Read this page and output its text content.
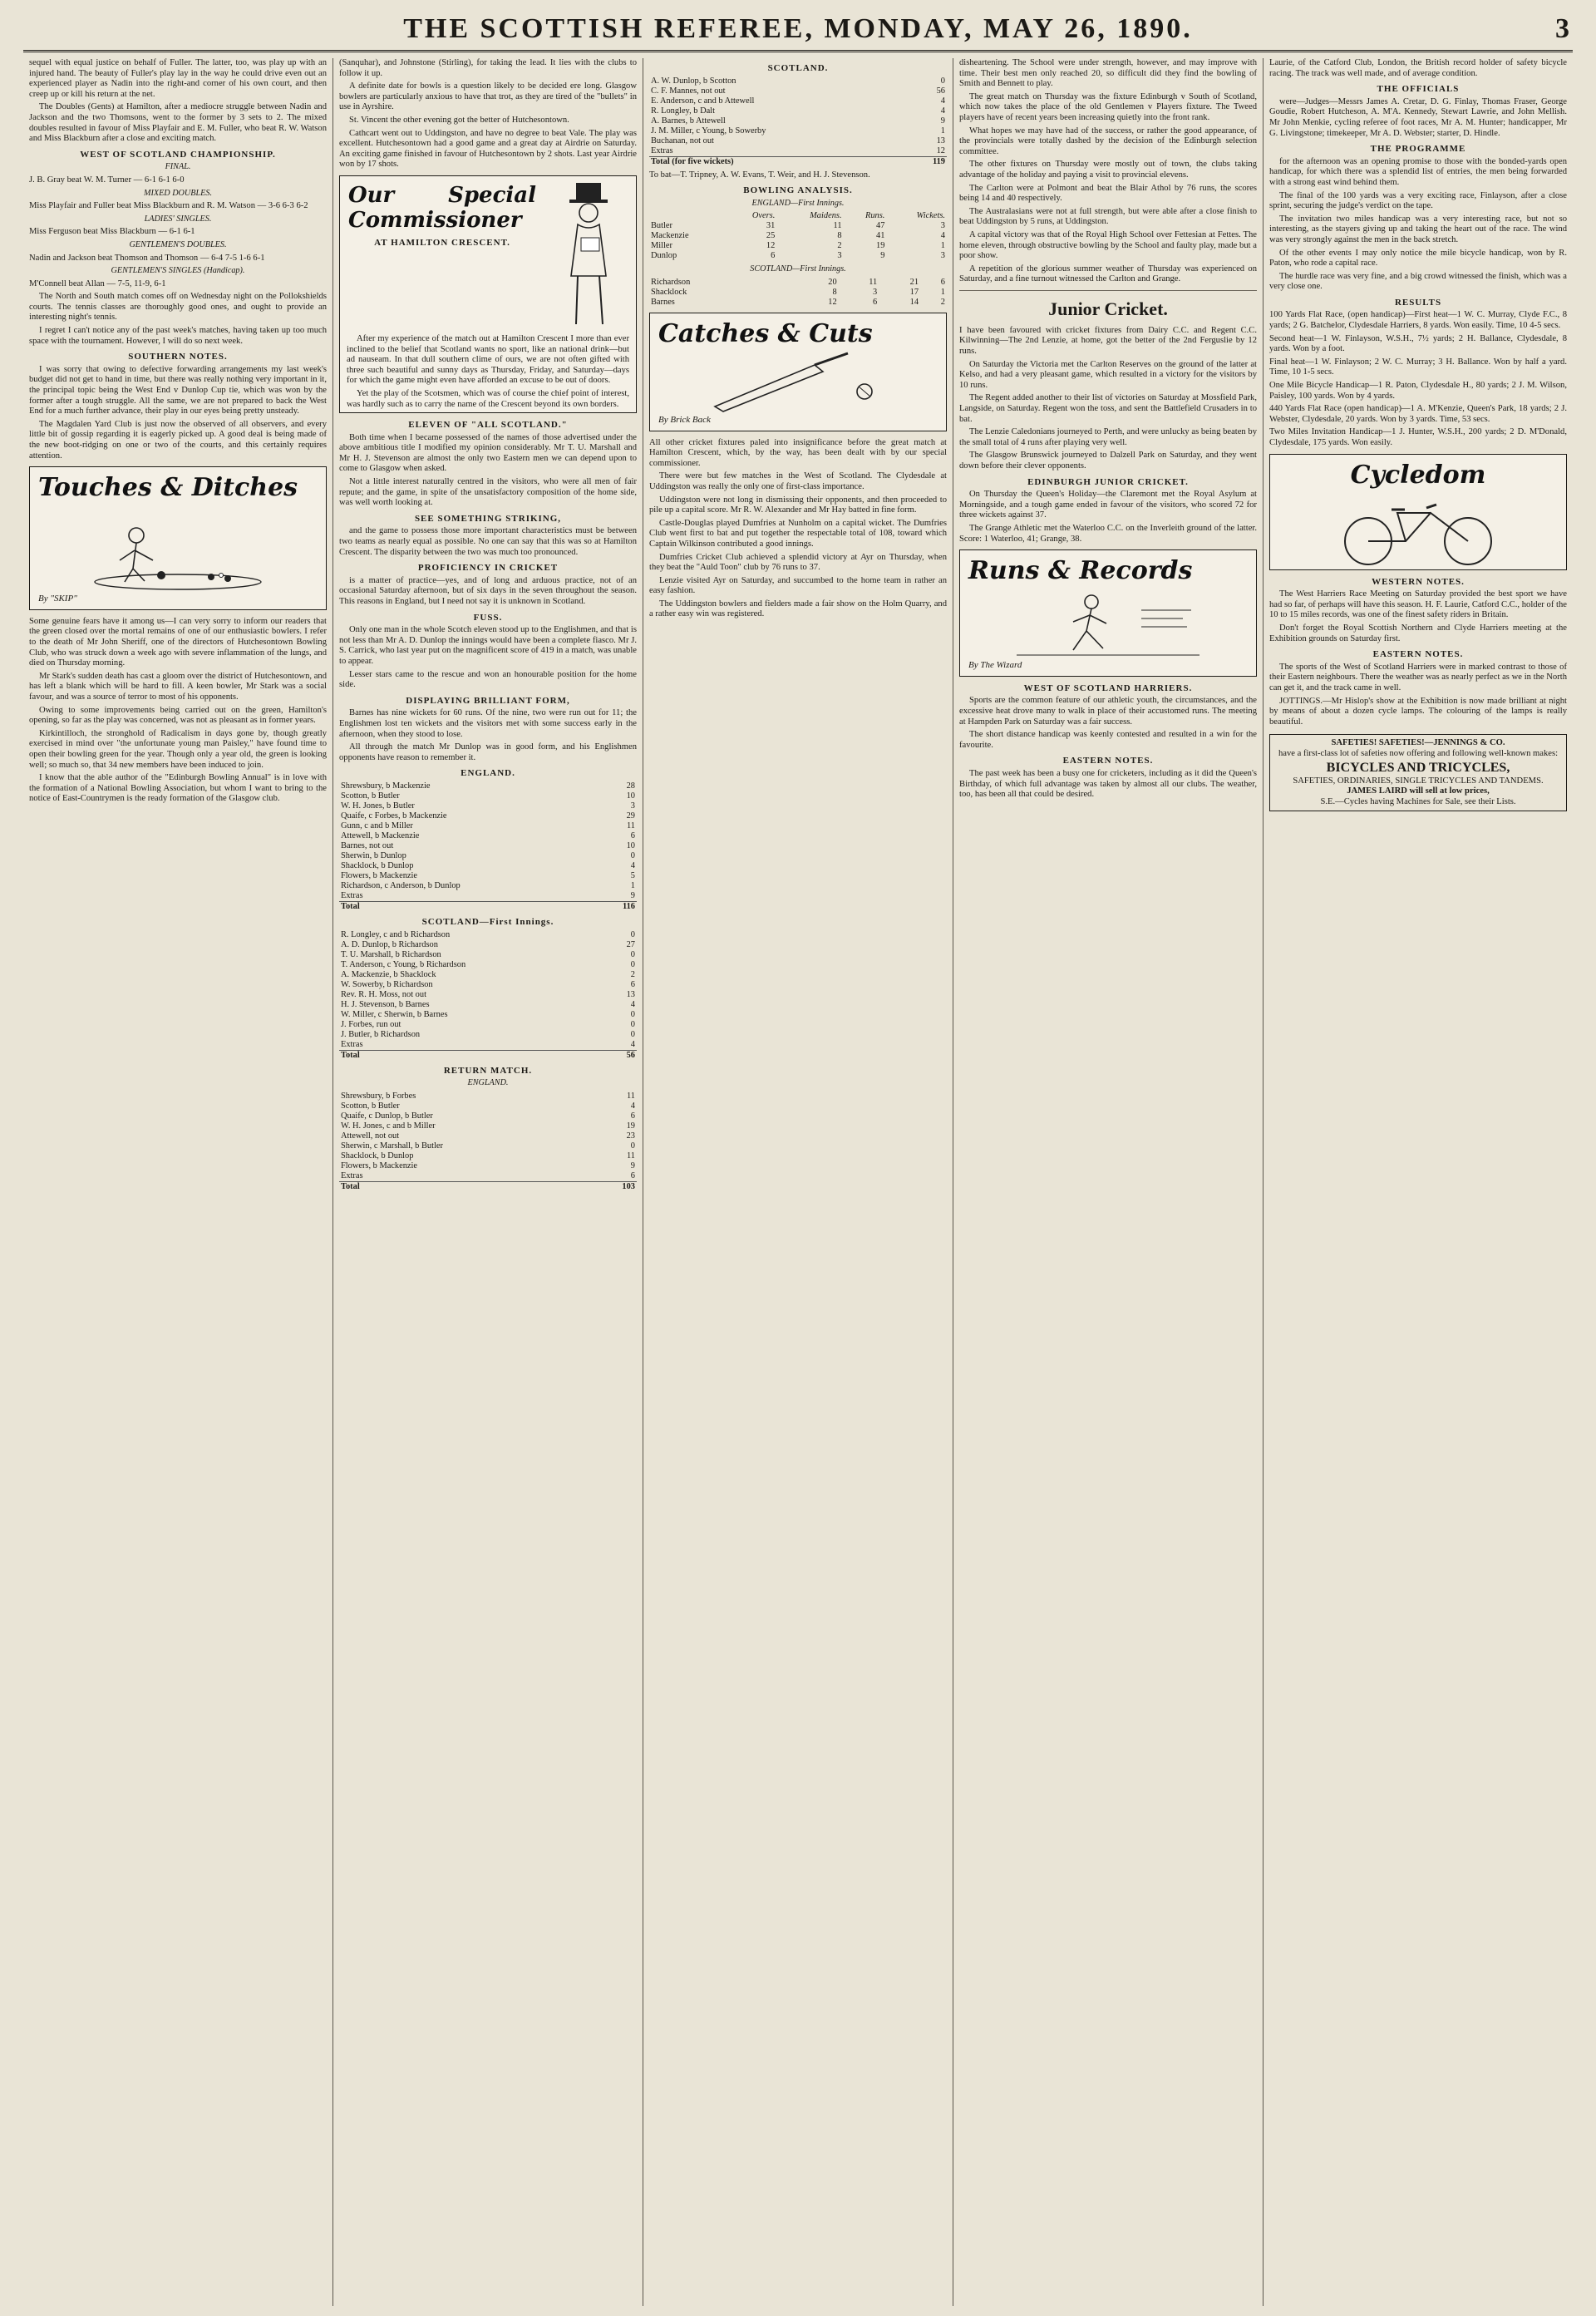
THE SCOTTISH REFEREE, MONDAY, MAY 26, 1890.	3

sequel with equal justice on behalf of Fuller. The latter, too, was play up with an injured hand. The beauty of Fuller's play lay in the way he could drive even out an experienced player as Nadin into the right-and corner of his own court, and then creep up or kill his return at the net.

The Doubles (Gents) at Hamilton, after a mediocre struggle between Nadin and Jackson and the two Thomsons, went to the former by 3 sets to 2. The mixed doubles resulted in favour of Miss Playfair and E. M. Fuller, who beat R. W. Watson and Miss Blackburn after a close and exciting match.

WEST OF SCOTLAND CHAMPIONSHIP.
FINAL.

J. B. Gray beat W. M. Turner — 6-1 6-1 6-0

MIXED DOUBLES.

Miss Playfair and Fuller beat Miss Blackburn and R. M. Watson — 3-6 6-3 6-2

LADIES' SINGLES.

Miss Ferguson beat Miss Blackburn — 6-1 6-1

GENTLEMEN'S DOUBLES.

Nadin and Jackson beat Thomson and Thomson — 6-4 7-5 1-6 6-1

GENTLEMEN'S SINGLES (Handicap).

M'Connell beat Allan — 7-5, 11-9, 6-1

The North and South match comes off on Wednesday night on the Pollokshields courts. The tennis classes are thoroughly good ones, and ought to provide an interesting night's tennis.

I regret I can't notice any of the past week's matches, having taken up too much space with the tournament. However, I will do so next week.

SOUTHERN NOTES.

I was sorry that owing to defective forwarding arrangements my last week's budget did not get to hand in time, but there was really nothing very important in it, the principal topic being the West End v Dunlop Cup tie, which was won by the former after a tough struggle. All the same, we are not prepared to back the West End for a much further advance, their play in our eyes being pretty unsteady.

The Magdalen Yard Club is just now the observed of all observers, and every little bit of gossip regarding it is eagerly picked up. A good deal is being made of the new boot-ridging on one or two of the courts, and this certainly requires attention.

Touches & Ditches
By "SKIP"

Some genuine fears have it among us—I can very sorry to inform our readers that the green closed over the mortal remains of one of our enthusiastic bowlers. I refer to the death of Mr John Sheriff, one of the directors of Hutchesontown Bowling Club, who was struck down a week ago with severe inflammation of the lungs, and died on Thursday morning.

Mr Stark's sudden death has cast a gloom over the district of Hutchesontown, and has left a blank which will be hard to fill. A keen bowler, Mr Stark was a social favour, and was a source of terror to most of his opponents.

Owing to some improvements being carried out on the green, Hamilton's opening, so far as the play was concerned, was not as pleasant as in former years.

Kirkintilloch, the stronghold of Radicalism in days gone by, though greatly exercised in mind over "the unfortunate young man Paisley," have found time to open their bowling green for the year. Though only a year old, the green is looking well; so much so, that 34 new members have been induced to join.

I know that the able author of the "Edinburgh Bowling Annual" is in love with the formation of a National Bowling Association, but whom I want to bring to the notice of East-Countrymen is the ready formation of the Glasgow club.

(Sanquhar), and Johnstone (Stirling), for taking the lead. It lies with the clubs to follow it up.

A definite date for bowls is a question likely to be decided ere long. Glasgow bowlers are particularly anxious to have that trot, as they are tired of the "bullets" in use in Ayrshire.

St. Vincent the other evening got the better of Hutchesontown.

Cathcart went out to Uddingston, and have no degree to beat Vale. The play was excellent. Hutchesontown had a good game and a great day at Airdrie on Saturday. An exciting game finished in favour of Hutchesontown by 2 shots. Last year Airdrie won by 17 shots.

Our Special Commissioner
AT HAMILTON CRESCENT.

After my experience of the match out at Hamilton Crescent I more than ever inclined to the belief that Scotland wants no sport, like an national drink—but ad nauseam. In that dull southern clime of ours, we are not often gifted with three such beautiful and sunny days as Thursday, Friday, and Saturday—days for which the game might even have afforded an excuse to be out of doors.

Yet the play of the Scotsmen, which was of course the chief point of interest, was hardly such as to carry the name of the Crescent beyond its own borders.

ELEVEN OF "ALL SCOTLAND."

Both time when I became possessed of the names of those advertised under the above ambitious title I modified my opinion considerably. Mr T. U. Marshall and Mr H. J. Stevenson are almost the only two Eastern men we can depend upon to come to Glasgow when asked.

Not a little interest naturally centred in the visitors, who were all men of fair repute; and the game, in spite of the unsatisfactory composition of the home side, was well worth looking at.

SEE SOMETHING STRIKING,

and the game to possess those more important characteristics must be between two teams as nearly equal as possible. No one can say that this was so at Hamilton Crescent. The disparity between the two was much too pronounced.

PROFICIENCY IN CRICKET

is a matter of practice—yes, and of long and arduous practice, not of an occasional Saturday afternoon, but of six days in the seven throughout the season. This reasons in England, but I need not say it is unknown in Scotland.

FUSS.

Only one man in the whole Scotch eleven stood up to the Englishmen, and that is not less than Mr A. D. Dunlop the innings would have been a complete fiasco. Mr J. S. Carrick, who last year put on the magnificent score of 419 in a match, was unable to appear.

Lesser stars came to the rescue and won an honourable position for the home side.

DISPLAYING BRILLIANT FORM,

Barnes has nine wickets for 60 runs. Of the nine, two were run out for 11; the Englishmen lost ten wickets and the visitors met with some success early in the afternoon, when they stood to lose.

All through the match Mr Dunlop was in good form, and his Englishmen opponents have reason to remember it.

ENGLAND.
Shrewsbury, b Mackenzie	28
Scotton, b Butler	10
W. H. Jones, b Butler	3
Quaife, c Forbes, b Mackenzie	29
Gunn, c and b Miller	11
Attewell, b Mackenzie	6
Barnes, not out	10
Sherwin, b Dunlop	0
Shacklock, b Dunlop	4
Flowers, b Mackenzie	5
Richardson, c Anderson, b Dunlop	1
Extras	9
Total	116
SCOTLAND—First Innings.
R. Longley, c and b Richardson	0
A. D. Dunlop, b Richardson	27
T. U. Marshall, b Richardson	0
T. Anderson, c Young, b Richardson	0
A. Mackenzie, b Shacklock	2
W. Sowerby, b Richardson	6
Rev. R. H. Moss, not out	13
H. J. Stevenson, b Barnes	4
W. Miller, c Sherwin, b Barnes	0
J. Forbes, run out	0
J. Butler, b Richardson	0
Extras	4
Total	56
RETURN MATCH.
ENGLAND.
Shrewsbury, b Forbes	11
Scotton, b Butler	4
Quaife, c Dunlop, b Butler	6
W. H. Jones, c and b Miller	19
Attewell, not out	23
Sherwin, c Marshall, b Butler	0
Shacklock, b Dunlop	11
Flowers, b Mackenzie	9
Extras	6
Total	103
SCOTLAND.
A. W. Dunlop, b Scotton	0
C. F. Mannes, not out	56
E. Anderson, c and b Attewell	4
R. Longley, b Dalt	4
A. Barnes, b Attewell	9
J. M. Miller, c Young, b Sowerby	1
Buchanan, not out	13
Extras	12
Total (for five wickets)	119

To bat—T. Tripney, A. W. Evans, T. Weir, and H. J. Stevenson.

BOWLING ANALYSIS.
ENGLAND—First Innings.
	Overs.	Maidens.	Runs.	Wickets.
Butler	31	11	47	3
Mackenzie	25	8	41	4
Miller	12	2	19	1
Dunlop	6	3	9	3
SCOTLAND—First Innings.
Richardson	20	11	21	6
Shacklock	8	3	17	1
Barnes	12	6	14	2
Catches & Cuts
By Brick Back

All other cricket fixtures paled into insignificance before the great match at Hamilton Crescent, which, by the way, has been dealt with by our special commissioner.

There were but few matches in the West of Scotland. The Clydesdale at Uddingston was really the only one of first-class importance.

Uddingston were not long in dismissing their opponents, and then proceeded to pile up a capital score. Mr R. W. Alexander and Mr Hay batted in fine form.

Castle-Douglas played Dumfries at Nunholm on a capital wicket. The Dumfries Club went first to bat and put together the respectable total of 108, toward which Captain Wilkinson contributed a good innings.

Dumfries Cricket Club achieved a splendid victory at Ayr on Thursday, when they beat the "Auld Toon" club by 76 runs to 37.

Lenzie visited Ayr on Saturday, and succumbed to the home team in rather an easy fashion.

The Uddingston bowlers and fielders made a fair show on the Holm Quarry, and a rather easy win was registered.

disheartening. The School were under strength, however, and may improve with time. Their best men only reached 20, so difficult did they find the bowling of Smith and Bennett to play.

The great match on Thursday was the fixture Edinburgh v South of Scotland, which now takes the place of the old Gentlemen v Players fixture. The Tweed players have of recent years been increasing quietly into the front rank.

What hopes we may have had of the success, or rather the good appearance, of the provincials were totally dashed by the decision of the Edinburgh selection committee.

The other fixtures on Thursday were mostly out of town, the clubs taking advantage of the holiday and paying a visit to provincial elevens.

The Carlton were at Polmont and beat the Blair Athol by 76 runs, the scores being 14 and 40 respectively.

The Australasians were not at full strength, but were able after a close finish to beat Uddingston by 5 runs, at Uddingston.

A capital victory was that of the Royal High School over Fettesian at Fettes. The home eleven, through obstructive bowling by the School and faulty play, made but a poor show.

A repetition of the glorious summer weather of Thursday was experienced on Saturday, and a fine turnout witnessed the Carlton and Grange.

Junior Cricket.

I have been favoured with cricket fixtures from Dairy C.C. and Regent C.C. Kilwinning—The 2nd Lenzie, at home, got the better of the 2nd Ferguslie by 12 runs.

On Saturday the Victoria met the Carlton Reserves on the ground of the latter at Kelso, and had a very pleasant game, which resulted in a victory for the visitors by 10 runs.

The Regent added another to their list of victories on Saturday at Mossfield Park, Langside, on Saturday. Regent won the toss, and sent the Battlefield Crusaders in to bat.

The Lenzie Caledonians journeyed to Perth, and were unlucky as being beaten by the small total of 4 runs after playing very well.

The Glasgow Brunswick journeyed to Dalzell Park on Saturday, and they went down before their clever opponents.

EDINBURGH JUNIOR CRICKET.

On Thursday the Queen's Holiday—the Claremont met the Royal Asylum at Morningside, and a tough game ended in favour of the visitors, who scored 72 for three wickets against 37.

The Grange Athletic met the Waterloo C.C. on the Inverleith ground of the latter. Score: 1 Waterloo, 41; Grange, 38.

Runs & Records
By The Wizard
WEST OF SCOTLAND HARRIERS.

Sports are the common feature of our athletic youth, the circumstances, and the excessive heat drove many to walk in place of their accustomed runs. The meeting at Hampden Park on Saturday was a fair success.

The short distance handicap was keenly contested and resulted in a win for the favourite.

EASTERN NOTES.

The past week has been a busy one for cricketers, including as it did the Queen's Birthday, of which full advantage was taken by almost all our clubs. The weather, too, has been all that could be desired.

Laurie, of the Catford Club, London, the British record holder of safety bicycle racing. The track was well made, and of average condition.

THE OFFICIALS

were—Judges—Messrs James A. Cretar, D. G. Finlay, Thomas Fraser, George Goudie, Robert Hutcheson, A. M'A. Kennedy, Stewart Lawrie, and John Mellish. Mr John Menkie, cycling referee of foot races, Mr A. M. Hunter; handicapper, Mr G. Livingstone; timekeeper, Mr A. D. Webster; starter, D. Hindle.

THE PROGRAMME

for the afternoon was an opening promise to those with the bonded-yards open handicap, for which there was a splendid list of entries, the men being forwarded with a strong east wind behind them.

The final of the 100 yards was a very exciting race, Finlayson, after a close sprint, securing the judge's verdict on the tape.

The invitation two miles handicap was a very interesting race, but not so interesting, as the stayers giving up and taking the heart out of the race. The wind was very strongly against the men in the back stretch.

Of the other events I may only notice the mile bicycle handicap, won by R. Paton, who rode a capital race.

The hurdle race was very fine, and a big crowd witnessed the finish, which was a very close one.

RESULTS

100 Yards Flat Race, (open handicap)—First heat—1 W. C. Murray, Clyde F.C., 8 yards; 2 G. Batchelor, Clydesdale Harriers, 8 yards. Won easily. Time, 10 4-5 secs.

Second heat—1 W. Finlayson, W.S.H., 7½ yards; 2 H. Ballance, Clydesdale, 8 yards. Won by a foot.

Final heat—1 W. Finlayson; 2 W. C. Murray; 3 H. Ballance. Won by half a yard. Time, 10 1-5 secs.

One Mile Bicycle Handicap—1 R. Paton, Clydesdale H., 80 yards; 2 J. M. Wilson, Paisley, 100 yards. Won by 4 yards.

440 Yards Flat Race (open handicap)—1 A. M'Kenzie, Queen's Park, 18 yards; 2 J. Webster, Clydesdale, 20 yards. Won by 3 yards. Time, 53 secs.

Two Miles Invitation Handicap—1 J. Hunter, W.S.H., 200 yards; 2 D. M'Donald, Clydesdale, 175 yards. Won easily.

Cycledom
WESTERN NOTES.

The West Harriers Race Meeting on Saturday provided the best sport we have had so far, of perhaps will have this season. H. F. Laurie, Catford C.C., holder of the 10 to 15 miles records, was one of the finest safety riders in Britain.

Don't forget the Royal Scottish Northern and Clyde Harriers meeting at the Exhibition grounds on Saturday first.

EASTERN NOTES.

The sports of the West of Scotland Harriers were in marked contrast to those of their Eastern neighbours. There the weather was as nearly perfect as we in the North can get it, and the track came in well.

JOTTINGS.—Mr Hislop's show at the Exhibition is now made brilliant at night by means of about a dozen cycle lamps. The colouring of the lamps is really beautiful.

SAFETIES! SAFETIES!—JENNINGS & CO.
have a first-class lot of safeties now offering and following well-known makes:
BICYCLES AND TRICYCLES,
SAFETIES, ORDINARIES, SINGLE TRICYCLES AND TANDEMS.
JAMES LAIRD will sell at low prices,
S.E.—Cycles having Machines for Sale, see their Lists.
